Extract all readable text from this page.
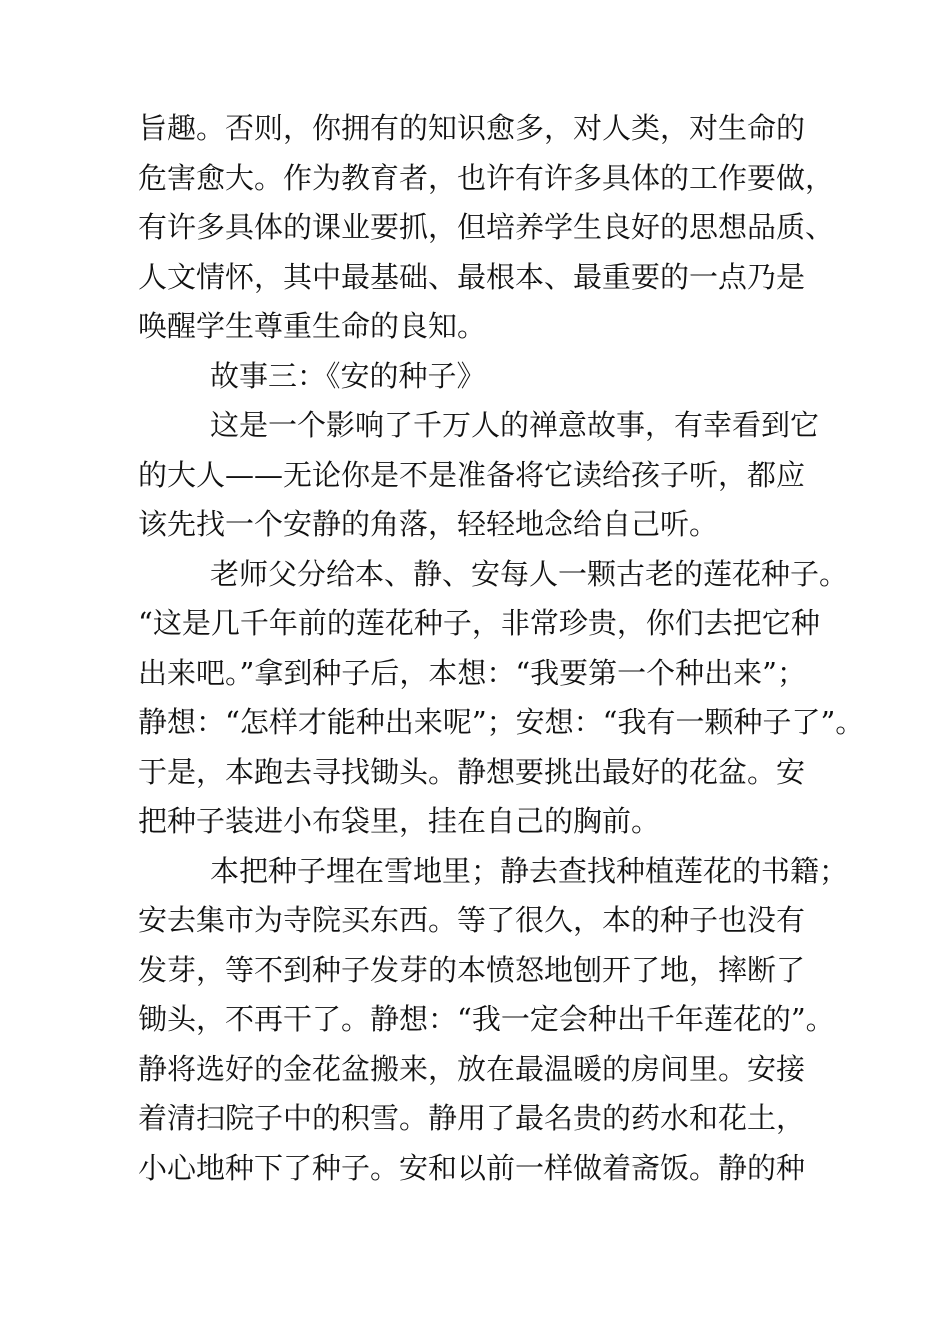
旨趣。否则，你拥有的知识愈多，对人类，对生命的
危害愈大。作为教育者，也许有许多具体的工作要做，
有许多具体的课业要抓，但培养学生良好的思想品质、
人文情怀，其中最基础、最根本、最重要的一点乃是
唤醒学生尊重生命的良知。
故事三：《安的种子》
这是一个影响了千万人的禅意故事，有幸看到它
的大人——无论你是不是准备将它读给孩子听，都应
该先找一个安静的角落，轻轻地念给自己听。
老师父分给本、静、安每人一颗古老的莲花种子。
“这是几千年前的莲花种子，非常珍贵，你们去把它种
出来吧。”拿到种子后，本想：“我要第一个种出来”；
静想：“怎样才能种出来呢”；安想：“我有一颗种子了”。
于是，本跑去寻找锄头。静想要挑出最好的花盆。安
把种子装进小布袋里，挂在自己的胸前。
本把种子埋在雪地里；静去查找种植莲花的书籍；
安去集市为寺院买东西。等了很久，本的种子也没有
发芽，等不到种子发芽的本愤怒地刨开了地，摔断了
锄头，不再干了。静想：“我一定会种出千年莲花的”。
静将选好的金花盆搬来，放在最温暖的房间里。安接
着清扫院子中的积雪。静用了最名贵的药水和花土，
小心地种下了种子。安和以前一样做着斋饭。静的种
